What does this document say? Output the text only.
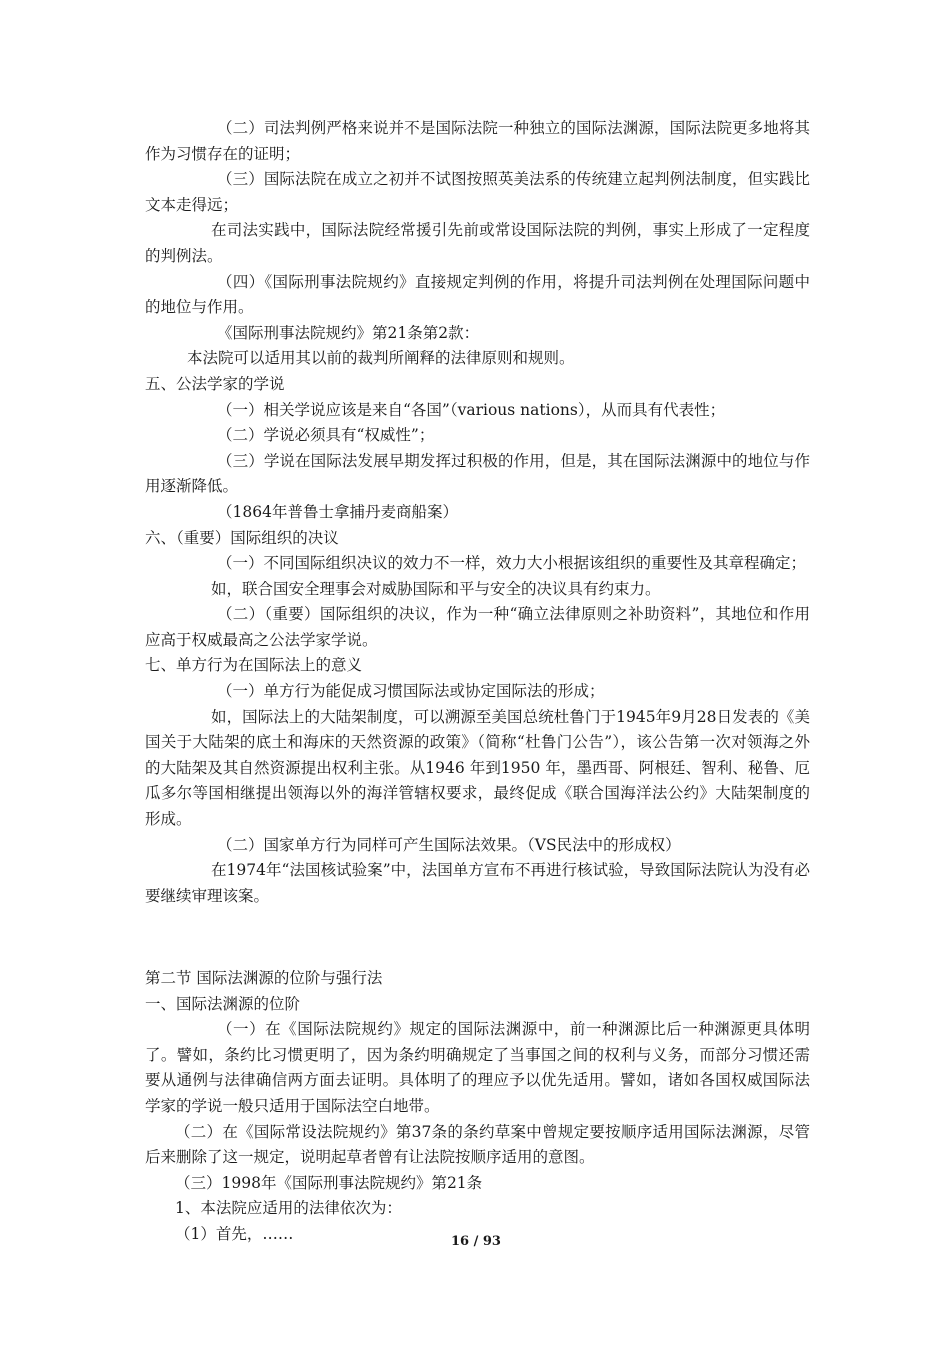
（二）司法判例严格来说并不是国际法院一种独立的国际法渊源，国际法院更多地将其作为习惯存在的证明；

（三）国际法院在成立之初并不试图按照英美法系的传统建立起判例法制度，但实践比文本走得远；

在司法实践中，国际法院经常援引先前或常设国际法院的判例，事实上形成了一定程度的判例法。

（四）《国际刑事法院规约》直接规定判例的作用，将提升司法判例在处理国际问题中的地位与作用。

《国际刑事法院规约》第21条第2款：

本法院可以适用其以前的裁判所阐释的法律原则和规则。

五、公法学家的学说

（一）相关学说应该是来自“各国”（various nations），从而具有代表性；

（二）学说必须具有“权威性”；

（三）学说在国际法发展早期发挥过积极的作用，但是，其在国际法渊源中的地位与作用逐渐降低。

（1864年普鲁士拿捕丹麦商船案）

六、（重要）国际组织的决议

（一）不同国际组织决议的效力不一样，效力大小根据该组织的重要性及其章程确定；

如，联合国安全理事会对威胁国际和平与安全的决议具有约束力。

（二）（重要）国际组织的决议，作为一种“确立法律原则之补助资料”，其地位和作用应高于权威最高之公法学家学说。

七、单方行为在国际法上的意义

（一）单方行为能促成习惯国际法或协定国际法的形成；

如，国际法上的大陆架制度，可以溯源至美国总统杜鲁门于1945年9月28日发表的《美国关于大陆架的底土和海床的天然资源的政策》（简称“杜鲁门公告”），该公告第一次对领海之外的大陆架及其自然资源提出权利主张。从1946 年到1950 年，墨西哥、阿根廷、智利、秘鲁、厄瓜多尔等国相继提出领海以外的海洋管辖权要求，最终促成《联合国海洋法公约》大陆架制度的形成。

（二）国家单方行为同样可产生国际法效果。（VS民法中的形成权）

在1974年“法国核试验案”中，法国单方宣布不再进行核试验，导致国际法院认为没有必要继续审理该案。

第二节 国际法渊源的位阶与强行法

一、国际法渊源的位阶

（一）在《国际法院规约》规定的国际法渊源中，前一种渊源比后一种渊源更具体明了。譬如，条约比习惯更明了，因为条约明确规定了当事国之间的权利与义务，而部分习惯还需要从通例与法律确信两方面去证明。具体明了的理应予以优先适用。譬如，诸如各国权威国际法学家的学说一般只适用于国际法空白地带。

（二）在《国际常设法院规约》第37条的条约草案中曾规定要按顺序适用国际法渊源，尽管后来删除了这一规定，说明起草者曾有让法院按顺序适用的意图。

（三）1998年《国际刑事法院规约》第21条

1、本法院应适用的法律依次为：

（1）首先，……	16 / 93
